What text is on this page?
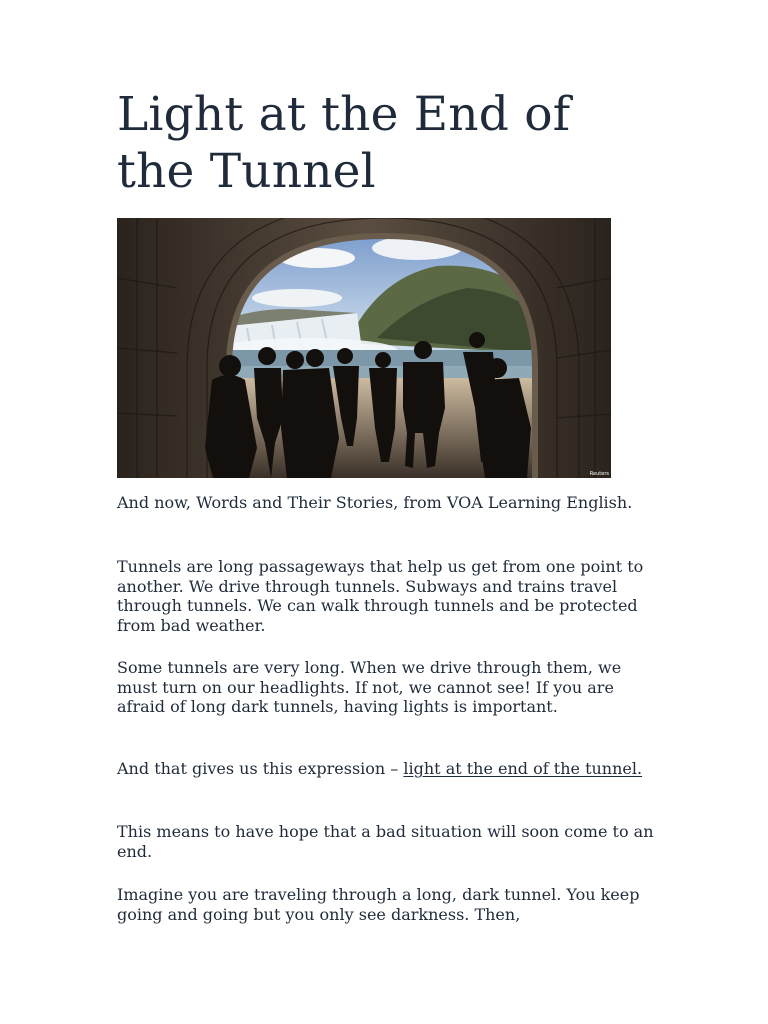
Light at the End of the Tunnel
Reuters

And now, Words and Their Stories, from VOA Learning English.

Tunnels are long passageways that help us get from one point to another. We drive through tunnels. Subways and trains travel through tunnels. We can walk through tunnels and be protected from bad weather.

Some tunnels are very long. When we drive through them, we must turn on our headlights. If not, we cannot see! If you are afraid of long dark tunnels, having lights is important.

And that gives us this expression – light at the end of the tunnel.

This means to have hope that a bad situation will soon come to an end.

Imagine you are traveling through a long, dark tunnel. You keep going and going but you only see darkness. Then,
